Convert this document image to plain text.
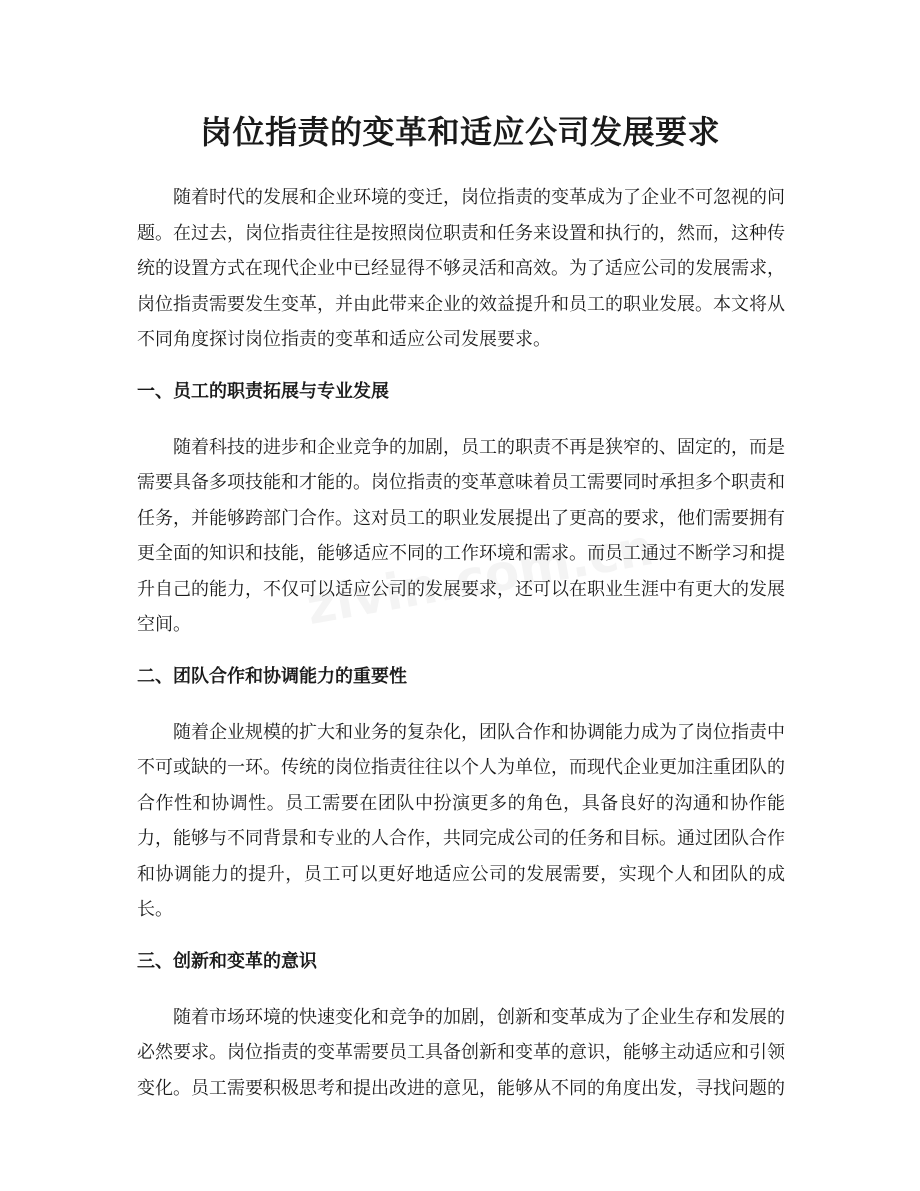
岗位指责的变革和适应公司发展要求

随着时代的发展和企业环境的变迁，岗位指责的变革成为了企业不可忽视的问题。在过去，岗位指责往往是按照岗位职责和任务来设置和执行的，然而，这种传统的设置方式在现代企业中已经显得不够灵活和高效。为了适应公司的发展需求，岗位指责需要发生变革，并由此带来企业的效益提升和员工的职业发展。本文将从不同角度探讨岗位指责的变革和适应公司发展要求。

一、员工的职责拓展与专业发展

随着科技的进步和企业竞争的加剧，员工的职责不再是狭窄的、固定的，而是需要具备多项技能和才能的。岗位指责的变革意味着员工需要同时承担多个职责和任务，并能够跨部门合作。这对员工的职业发展提出了更高的要求，他们需要拥有更全面的知识和技能，能够适应不同的工作环境和需求。而员工通过不断学习和提升自己的能力，不仅可以适应公司的发展要求，还可以在职业生涯中有更大的发展空间。

二、团队合作和协调能力的重要性

随着企业规模的扩大和业务的复杂化，团队合作和协调能力成为了岗位指责中不可或缺的一环。传统的岗位指责往往以个人为单位，而现代企业更加注重团队的合作性和协调性。员工需要在团队中扮演更多的角色，具备良好的沟通和协作能力，能够与不同背景和专业的人合作，共同完成公司的任务和目标。通过团队合作和协调能力的提升，员工可以更好地适应公司的发展需要，实现个人和团队的成长。

三、创新和变革的意识

随着市场环境的快速变化和竞争的加剧，创新和变革成为了企业生存和发展的必然要求。岗位指责的变革需要员工具备创新和变革的意识，能够主动适应和引领变化。员工需要积极思考和提出改进的意见，能够从不同的角度出发，寻找问题的
